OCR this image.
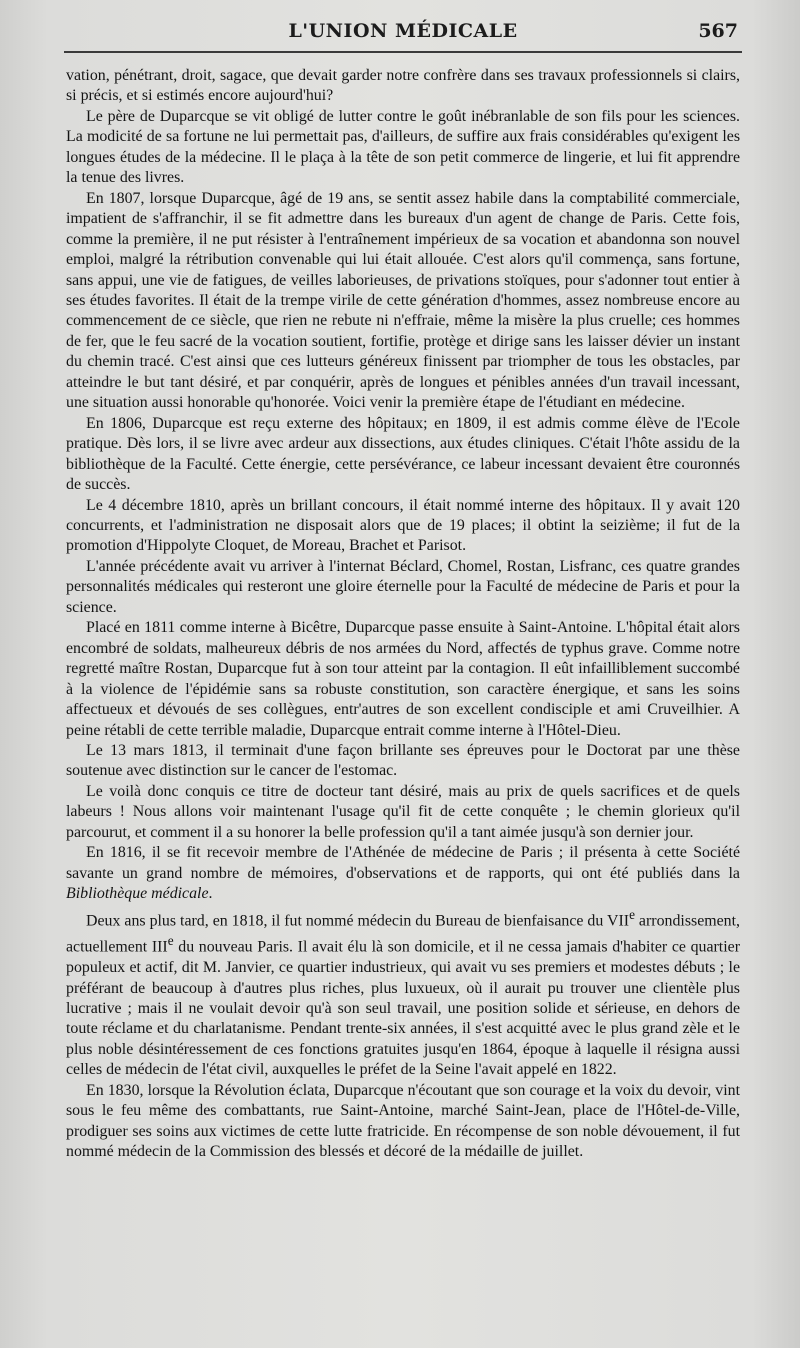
L'UNION MÉDICALE	567

vation, pénétrant, droit, sagace, que devait garder notre confrère dans ses travaux professionnels si clairs, si précis, et si estimés encore aujourd'hui?

Le père de Duparcque se vit obligé de lutter contre le goût inébranlable de son fils pour les sciences. La modicité de sa fortune ne lui permettait pas, d'ailleurs, de suffire aux frais considérables qu'exigent les longues études de la médecine. Il le plaça à la tête de son petit commerce de lingerie, et lui fit apprendre la tenue des livres.

En 1807, lorsque Duparcque, âgé de 19 ans, se sentit assez habile dans la comptabilité commerciale, impatient de s'affranchir, il se fit admettre dans les bureaux d'un agent de change de Paris. Cette fois, comme la première, il ne put résister à l'entraînement impérieux de sa vocation et abandonna son nouvel emploi, malgré la rétribution convenable qui lui était allouée. C'est alors qu'il commença, sans fortune, sans appui, une vie de fatigues, de veilles laborieuses, de privations stoïques, pour s'adonner tout entier à ses études favorites. Il était de la trempe virile de cette génération d'hommes, assez nombreuse encore au commencement de ce siècle, que rien ne rebute ni n'effraie, même la misère la plus cruelle; ces hommes de fer, que le feu sacré de la vocation soutient, fortifie, protège et dirige sans les laisser dévier un instant du chemin tracé. C'est ainsi que ces lutteurs généreux finissent par triompher de tous les obstacles, par atteindre le but tant désiré, et par conquérir, après de longues et pénibles années d'un travail incessant, une situation aussi honorable qu'honorée. Voici venir la première étape de l'étudiant en médecine.

En 1806, Duparcque est reçu externe des hôpitaux; en 1809, il est admis comme élève de l'Ecole pratique. Dès lors, il se livre avec ardeur aux dissections, aux études cliniques. C'était l'hôte assidu de la bibliothèque de la Faculté. Cette énergie, cette persévérance, ce labeur incessant devaient être couronnés de succès.

Le 4 décembre 1810, après un brillant concours, il était nommé interne des hôpitaux. Il y avait 120 concurrents, et l'administration ne disposait alors que de 19 places; il obtint la seizième; il fut de la promotion d'Hippolyte Cloquet, de Moreau, Brachet et Parisot.

L'année précédente avait vu arriver à l'internat Béclard, Chomel, Rostan, Lisfranc, ces quatre grandes personnalités médicales qui resteront une gloire éternelle pour la Faculté de médecine de Paris et pour la science.

Placé en 1811 comme interne à Bicêtre, Duparcque passe ensuite à Saint-Antoine. L'hôpital était alors encombré de soldats, malheureux débris de nos armées du Nord, affectés de typhus grave. Comme notre regretté maître Rostan, Duparcque fut à son tour atteint par la contagion. Il eût infailliblement succombé à la violence de l'épidémie sans sa robuste constitution, son caractère énergique, et sans les soins affectueux et dévoués de ses collègues, entr'autres de son excellent condisciple et ami Cruveilhier. A peine rétabli de cette terrible maladie, Duparcque entrait comme interne à l'Hôtel-Dieu.

Le 13 mars 1813, il terminait d'une façon brillante ses épreuves pour le Doctorat par une thèse soutenue avec distinction sur le cancer de l'estomac.

Le voilà donc conquis ce titre de docteur tant désiré, mais au prix de quels sacrifices et de quels labeurs ! Nous allons voir maintenant l'usage qu'il fit de cette conquête ; le chemin glorieux qu'il parcourut, et comment il a su honorer la belle profession qu'il a tant aimée jusqu'à son dernier jour.

En 1816, il se fit recevoir membre de l'Athénée de médecine de Paris ; il présenta à cette Société savante un grand nombre de mémoires, d'observations et de rapports, qui ont été publiés dans la Bibliothèque médicale.

Deux ans plus tard, en 1818, il fut nommé médecin du Bureau de bienfaisance du VIIe arrondissement, actuellement IIIe du nouveau Paris. Il avait élu là son domicile, et il ne cessa jamais d'habiter ce quartier populeux et actif, dit M. Janvier, ce quartier industrieux, qui avait vu ses premiers et modestes débuts ; le préférant de beaucoup à d'autres plus riches, plus luxueux, où il aurait pu trouver une clientèle plus lucrative ; mais il ne voulait devoir qu'à son seul travail, une position solide et sérieuse, en dehors de toute réclame et du charlatanisme. Pendant trente-six années, il s'est acquitté avec le plus grand zèle et le plus noble désintéressement de ces fonctions gratuites jusqu'en 1864, époque à laquelle il résigna aussi celles de médecin de l'état civil, auxquelles le préfet de la Seine l'avait appelé en 1822.

En 1830, lorsque la Révolution éclata, Duparcque n'écoutant que son courage et la voix du devoir, vint sous le feu même des combattants, rue Saint-Antoine, marché Saint-Jean, place de l'Hôtel-de-Ville, prodiguer ses soins aux victimes de cette lutte fratricide. En récompense de son noble dévouement, il fut nommé médecin de la Commission des blessés et décoré de la médaille de juillet.
